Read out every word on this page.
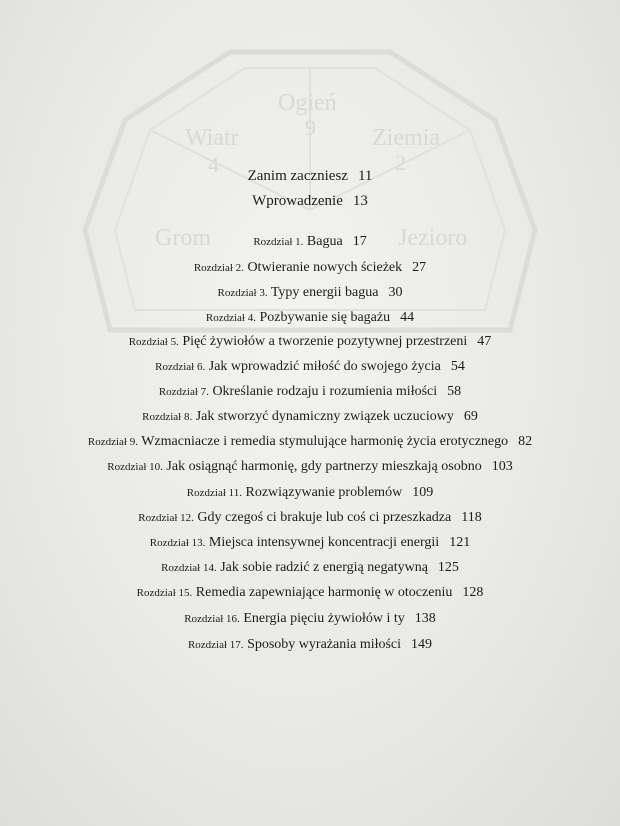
Ogień
9
Wiatr
4
Ziemia
2
Grom	Jezioro
Zanim zaczniesz 11
Wprowadzenie 13
Rozdział 1. Bagua 17
Rozdział 2. Otwieranie nowych ścieżek 27
Rozdział 3. Typy energii bagua 30
Rozdział 4. Pozbywanie się bagażu 44
Rozdział 5. Pięć żywiołów a tworzenie pozytywnej przestrzeni 47
Rozdział 6. Jak wprowadzić miłość do swojego życia 54
Rozdział 7. Określanie rodzaju i rozumienia miłości 58
Rozdział 8. Jak stworzyć dynamiczny związek uczuciowy 69
Rozdział 9. Wzmacniacze i remedia stymulujące harmonię życia erotycznego 82
Rozdział 10. Jak osiągnąć harmonię, gdy partnerzy mieszkają osobno 103
Rozdział 11. Rozwiązywanie problemów 109
Rozdział 12. Gdy czegoś ci brakuje lub coś ci przeszkadza 118
Rozdział 13. Miejsca intensywnej koncentracji energii 121
Rozdział 14. Jak sobie radzić z energią negatywną 125
Rozdział 15. Remedia zapewniające harmonię w otoczeniu 128
Rozdział 16. Energia pięciu żywiołów i ty 138
Rozdział 17. Sposoby wyrażania miłości 149
